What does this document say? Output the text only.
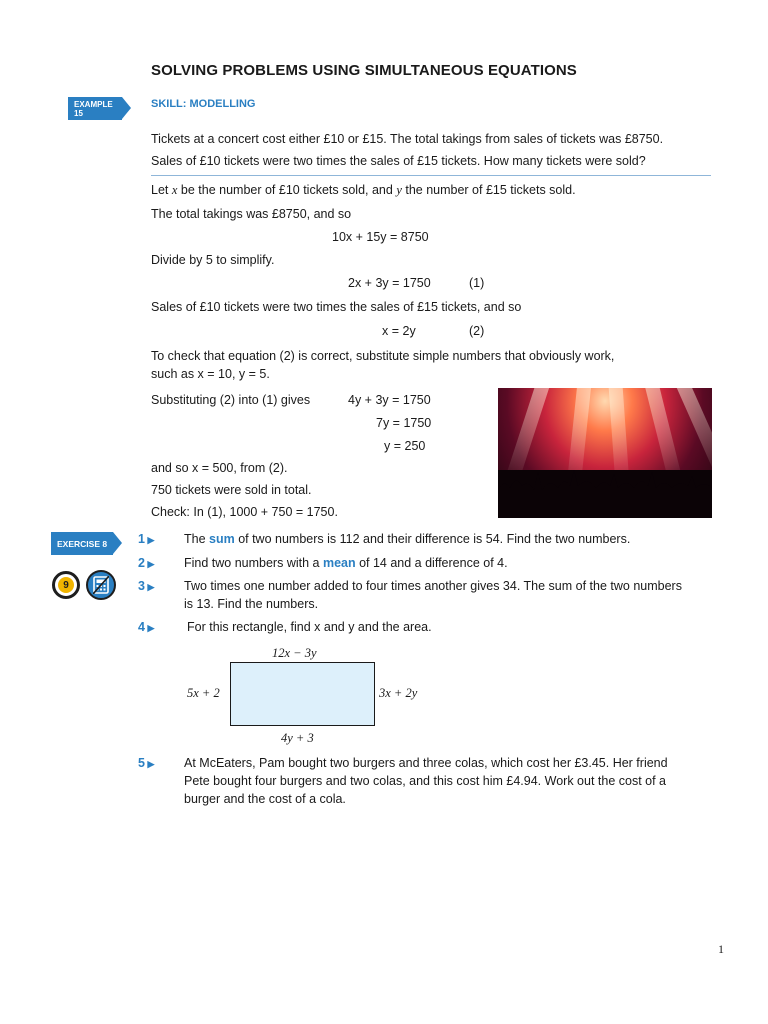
SOLVING PROBLEMS USING SIMULTANEOUS EQUATIONS
EXAMPLE 15
SKILL: MODELLING
Tickets at a concert cost either £10 or £15. The total takings from sales of tickets was £8750.
Sales of £10 tickets were two times the sales of £15 tickets. How many tickets were sold?
Let x be the number of £10 tickets sold, and y the number of £15 tickets sold.
The total takings was £8750, and so
10x + 15y = 8750
Divide by 5 to simplify.
2x + 3y = 1750	(1)
Sales of £10 tickets were two times the sales of £15 tickets, and so
x = 2y	(2)
To check that equation (2) is correct, substitute simple numbers that obviously work,
such as x = 10, y = 5.
Substituting (2) into (1) gives	4y + 3y = 1750
7y = 1750
y = 250
and so x = 500, from (2).
750 tickets were sold in total.
Check: In (1), 1000 + 750 = 1750.
EXERCISE 8
9
1 ▶	The sum of two numbers is 112 and their difference is 54. Find the two numbers.
2 ▶	Find two numbers with a mean of 14 and a difference of 4.
3 ▶	Two times one number added to four times another gives 34. The sum of the two numbers
is 13. Find the numbers.
4 ▶	For this rectangle, find x and y and the area.
12x − 3y
5x + 2	3x + 2y
4y + 3
5 ▶	At McEaters, Pam bought two burgers and three colas, which cost her £3.45. Her friend
Pete bought four burgers and two colas, and this cost him £4.94. Work out the cost of a
burger and the cost of a cola.
1
